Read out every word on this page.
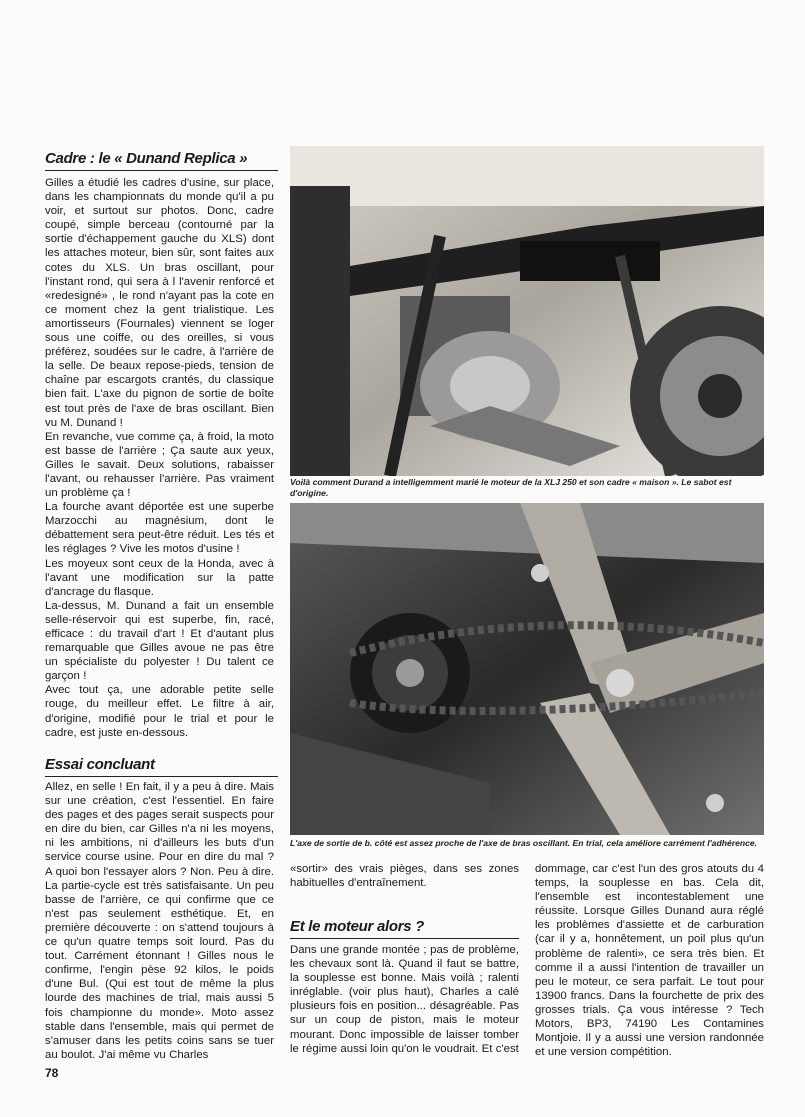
Cadre : le « Dunand Replica »

Gilles a étudié les cadres d'usine, sur place, dans les championnats du monde qu'il a pu voir, et surtout sur photos. Donc, cadre coupé, simple berceau (contourné par la sortie d'échappement gauche du XLS) dont les attaches moteur, bien sûr, sont faites aux cotes du XLS. Un bras oscillant, pour l'instant rond, qui sera à l l'avenir renforcé et «redesigné» , le rond n'ayant pas la cote en ce moment chez la gent trialistique. Les amortisseurs (Fournales) viennent se loger sous une coiffe, ou des oreilles, si vous préférez, soudées sur le cadre, à l'arrière de la selle. De beaux repose-pieds, tension de chaîne par escargots crantés, du classique bien fait. L'axe du pignon de sortie de boîte est tout près de l'axe de bras oscillant. Bien vu M. Dunand !

En revanche, vue comme ça, à froid, la moto est basse de l'arrière ; Ça saute aux yeux, Gilles le savait. Deux solutions, rabaisser l'avant, ou rehausser l'arrière. Pas vraiment un problème ça !

La fourche avant déportée est une superbe Marzocchi au magnésium, dont le débattement sera peut-être réduit. Les tés et les réglages ? Vive les motos d'usine !

Les moyeux sont ceux de la Honda, avec à l'avant une modification sur la patte d'ancrage du flasque.

La-dessus, M. Dunand a fait un ensemble selle-réservoir qui est superbe, fin, racé, efficace : du travail d'art ! Et d'autant plus remarquable que Gilles avoue ne pas être un spécialiste du polyester ! Du talent ce garçon !

Avec tout ça, une adorable petite selle rouge, du meilleur effet. Le filtre à air, d'origine, modifié pour le trial et pour le cadre, est juste en-dessous.

Essai concluant

Allez, en selle ! En fait, il y a peu à dire. Mais sur une création, c'est l'essentiel. En faire des pages et des pages serait suspects pour en dire du bien, car Gilles n'a ni les moyens, ni les ambitions, ni d'ailleurs les buts d'un service course usine. Pour en dire du mal ? A quoi bon l'essayer alors ? Non. Peu à dire. La partie-cycle est très satisfaisante. Un peu basse de l'arrière, ce qui confirme que ce n'est pas seulement esthétique. Et, en première découverte : on s'attend toujours à ce qu'un quatre temps soit lourd. Pas du tout. Carrément étonnant ! Gilles nous le confirme, l'engin pèse 92 kilos, le poids d'une Bul. (Qui est tout de même la plus lourde des machines de trial, mais aussi 5 fois championne du monde». Moto assez stable dans l'ensemble, mais qui permet de s'amuser dans les petits coins sans se tuer au boulot. J'ai même vu Charles

78
Voilà comment Durand a intelligemment marié le moteur de la XLJ 250 et son cadre « maison ». Le sabot est d'origine.
L'axe de sortie de b. côté est assez proche de l'axe de bras oscillant. En trial, cela améliore carrément l'adhérence.

«sortir» des vrais pièges, dans ses zones habituelles d'entraînement.

Et le moteur alors ?

Dans une grande montée ; pas de problème, les chevaux sont là. Quand il faut se battre, la souplesse est bonne. Mais voilà ; ralenti inréglable. (voir plus haut), Charles a calé plusieurs fois en position... désagréable. Pas sur un coup de piston, mais le moteur mourant. Donc impossible de laisser tomber le régime aussi loin qu'on le voudrait. Et c'est

dommage, car c'est l'un des gros atouts du 4 temps, la souplesse en bas. Cela dit, l'ensemble est incontestablement une réussite. Lorsque Gilles Dunand aura réglé les problèmes d'assiette et de carburation (car il y a, honnêtement, un poil plus qu'un problème de ralenti», ce sera très bien. Et comme il a aussi l'intention de travailler un peu le moteur, ce sera parfait. Le tout pour 13900 francs. Dans la fourchette de prix des grosses trials. Ça vous intéresse ? Tech Motors, BP3, 74190 Les Contamines Montjoie. Il y a aussi une version randonnée et une version compétition.
